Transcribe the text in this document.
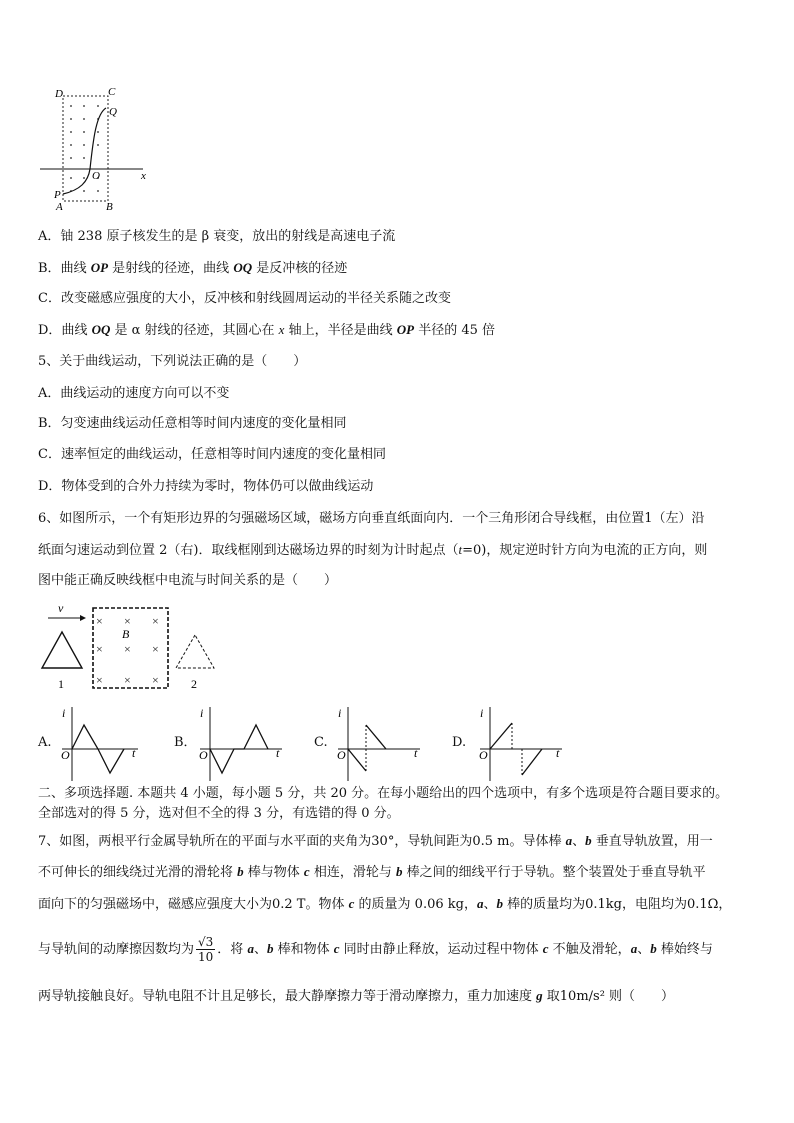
D	C
Q
O	x
P
A	B
A．铀 238 原子核发生的是 β 衰变，放出的射线是高速电子流
B．曲线 OP 是射线的径迹，曲线 OQ 是反冲核的径迹
C．改变磁感应强度的大小，反冲核和射线圆周运动的半径关系随之改变
D．曲线 OQ 是 α 射线的径迹，其圆心在 x 轴上，半径是曲线 OP 半径的 45 倍
5、关于曲线运动，下列说法正确的是（　　）
A．曲线运动的速度方向可以不变
B．匀变速曲线运动任意相等时间内速度的变化量相同
C．速率恒定的曲线运动，任意相等时间内速度的变化量相同
D．物体受到的合外力持续为零时，物体仍可以做曲线运动
6、如图所示，一个有矩形边界的匀强磁场区域，磁场方向垂直纸面向内．一个三角形闭合导线框，由位置1（左）沿
纸面匀速运动到位置 2（右)．取线框刚到达磁场边界的时刻为计时起点（t=0)，规定逆时针方向为电流的正方向，则
图中能正确反映线框中电流与时间关系的是（　　）
v
1
B
× × ×
× × ×
× × ×	2
A.
i
O	t
B．
i
O	t
C.
i
O	t
D.
i
O	t
二、多项选择题. 本题共 4 小题，每小题 5 分，共 20 分。在每小题给出的四个选项中，有多个选项是符合题目要求的。
全部选对的得 5 分，选对但不全的得 3 分，有选错的得 0 分。
7、如图，两根平行金属导轨所在的平面与水平面的夹角为30°，导轨间距为0.5 m。导体棒 a、b 垂直导轨放置，用一
不可伸长的细线绕过光滑的滑轮将 b 棒与物体 c 相连，滑轮与 b 棒之间的细线平行于导轨。整个装置处于垂直导轨平
面向下的匀强磁场中，磁感应强度大小为0.2 T。物体 c 的质量为 0.06 kg，a、b 棒的质量均为0.1kg，电阻均为0.1Ω，
与导轨间的动摩擦因数均为 $\frac{√3}{10}$ ．将 a、b 棒和物体 c 同时由静止释放，运动过程中物体 c 不触及滑轮，a、b 棒始终与
两导轨接触良好。导轨电阻不计且足够长，最大静摩擦力等于滑动摩擦力，重力加速度 g 取10m/s² 则（　　）
